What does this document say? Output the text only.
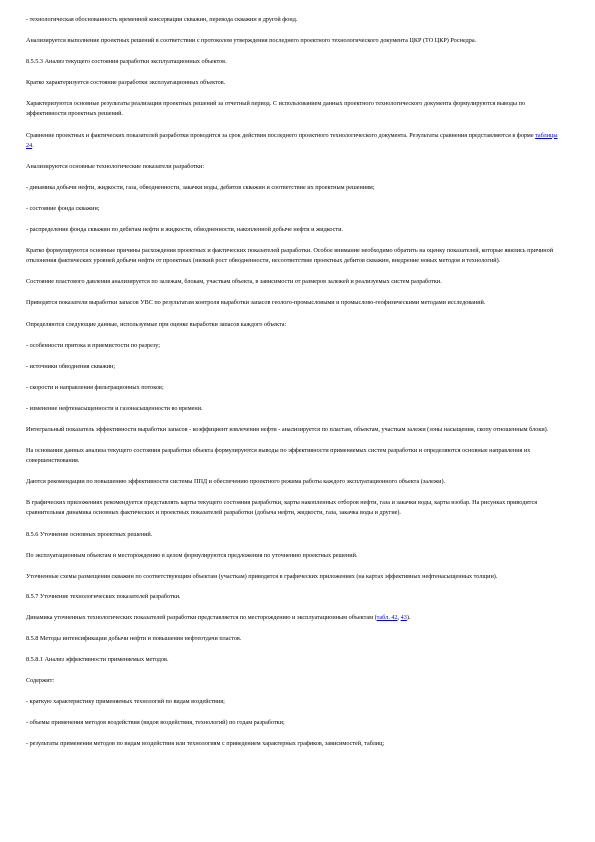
- технологическая обоснованность временной консервации скважин, перевода скважин в другой фонд.

Анализируется выполнение проектных решений в соответствии с протоколом утверждения последнего проектного технологического документа ЦКР (ТО ЦКР) Роснедра.

8.5.5.3 Анализ текущего состояния разработки эксплуатационных объектов.

Кратко характеризуется состояние разработки эксплуатационных объектов.

Характеризуются основные результаты реализации проектных решений за отчетный период. С использованием данных проектного технологического документа формулируются выводы по эффективности проектных решений.

Сравнение проектных и фактических показателей разработки проводится за срок действия последнего проектного технологического документа. Результаты сравнения представляются в форме таблицы 24.

Анализируются основные технологические показатели разработки:

- динамика добычи нефти, жидкости, газа, обводненности, закачки воды, дебитов скважин и соответствие их проектным решениям;

- состояние фонда скважин;

- распределение фонда скважин по дебитам нефти и жидкости, обводненности, накопленной добыче нефти и жидкости.

Кратко формулируются основные причины расхождения проектных и фактических показателей разработки. Особое внимание необходимо обратить на оценку показателей, которые явились причиной отклонения фактических уровней добычи нефти от проектных (низкий рост обводненности, несоответствие проектных дебитов скважин, внедрение новых методов и технологий).

Состояние пластового давления анализируется по залежам, блокам, участкам объекта, в зависимости от размеров залежей и реализуемых систем разработки.

Приводятся показатели выработки запасов УВС по результатам контроля выработки запасов геолого-промысловыми и промыслово-геофизическими методами исследований.

Определяются следующие данные, используемые при оценке выработки запасов каждого объекта:

- особенности притока и приемистости по разрезу;

- источники обводнения скважин;

- скорости и направления фильтрационных потоков;

- изменение нефтенасыщенности и газонасыщенности во времени.

Интегральный показатель эффективности выработки запасов - коэффициент извлечения нефти - анализируется по пластам, объектам, участкам залежи (зоны насыщения, скопу отношенным блоки).

На основании данных анализа текущего состояния разработки объекта формулируются выводы по эффективности применяемых систем разработки и определяются основные направления их совершенствования.

Даются рекомендации по повышению эффективности системы ППД и обеспечению проектного режима работы каждого эксплуатационного объекта (залежи).

В графических приложениях рекомендуется представлять карты текущего состояния разработки, карты накопленных отборов нефти, газа и закачки воды, карты изобар. На рисунках приводится сравнительная динамика основных фактических и проектных показателей разработки (добыча нефти, жидкости, газа, закачка воды и другие).

8.5.6 Уточнение основных проектных решений.

По эксплуатационным объектам и месторождению в целом формулируются предложения по уточнению проектных решений.

Уточненные схемы размещения скважин по соответствующим объектам (участкам) приводятся в графических приложениях (на картах эффективных нефтенасыщенных толщин).

8.5.7 Уточнение технологических показателей разработки.

Динамика уточненных технологических показателей разработки представляется по месторождению и эксплуатационным объектам (табл. 42, 43).

8.5.8 Методы интенсификации добычи нефти и повышения нефтеотдачи пластов.

8.5.8.1 Анализ эффективности применяемых методов.

Содержит:

- краткую характеристику применяемых технологий по видам воздействия;

- объемы применения методов воздействия (видов воздействия, технологий) по годам разработки;

- результаты применения методов по видам воздействия или технологиям с приведением характерных графиков, зависимостей, таблиц;
